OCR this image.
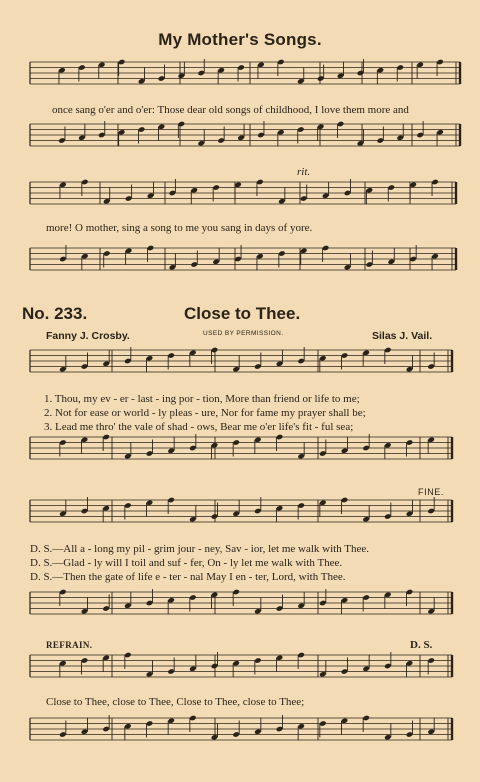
My Mother's Songs.
once sang o'er and o'er: Those dear old songs of childhood, I love them more and
rit.
more! O mother, sing a song to me you sang in days of yore.
No. 233.	Close to Thee.
Fanny J. Crosby.	USED BY PERMISSION.	Silas J. Vail.
1. Thou, my ev - er - last - ing por - tion, More than friend or life to me;
2. Not for ease or world - ly pleas - ure, Nor for fame my prayer shall be;
3. Lead me thro' the vale of shad - ows, Bear me o'er life's fit - ful sea;
FINE.
D. S.—All a - long my pil - grim jour - ney, Sav - ior, let me walk with Thee.
D. S.—Glad - ly will I toil and suf - fer, On - ly let me walk with Thee.
D. S.—Then the gate of life e - ter - nal May I en - ter, Lord, with Thee.
REFRAIN.	D. S.
Close to Thee, close to Thee, Close to Thee, close to Thee;
